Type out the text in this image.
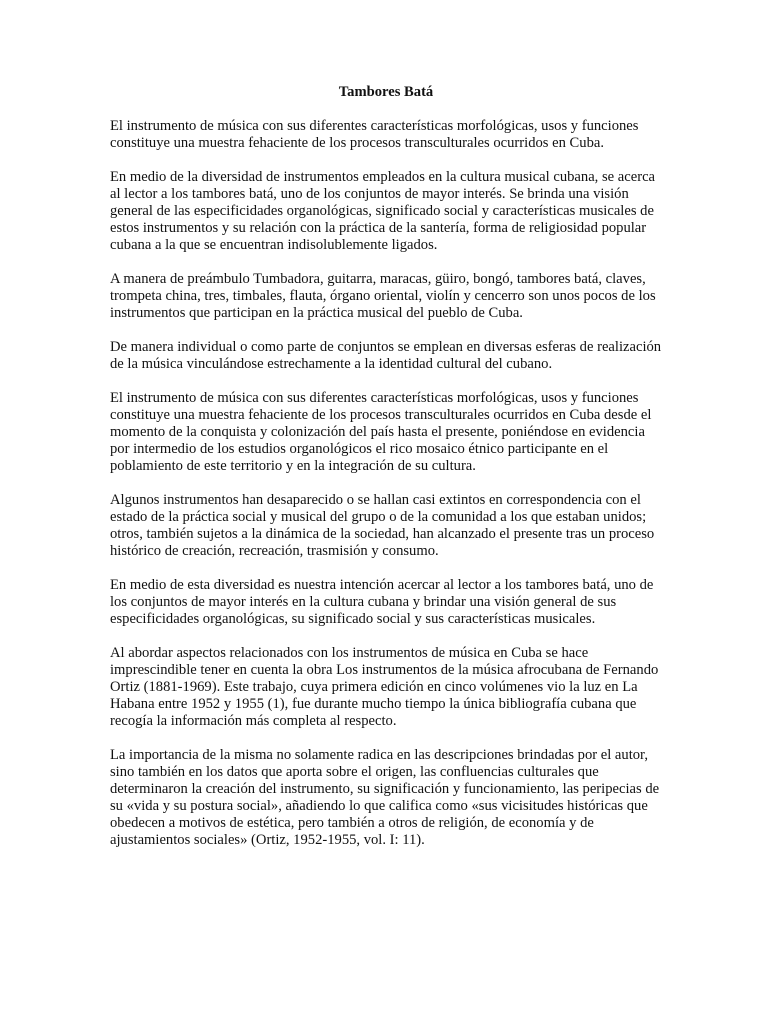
Tambores Batá

El instrumento de música con sus diferentes características morfológicas, usos y funciones constituye una muestra fehaciente de los procesos transculturales ocurridos en Cuba.

En medio de la diversidad de instrumentos empleados en la cultura musical cubana, se acerca al lector a los tambores batá, uno de los conjuntos de mayor interés. Se brinda una visión general de las especificidades organológicas, significado social y características musicales de estos instrumentos y su relación con la práctica de la santería, forma de religiosidad popular cubana a la que se encuentran indisolublemente ligados.

A manera de preámbulo Tumbadora, guitarra, maracas, güiro, bongó, tambores batá, claves, trompeta china, tres, timbales, flauta, órgano oriental, violín y cencerro son unos pocos de los instrumentos que participan en la práctica musical del pueblo de Cuba.

De manera individual o como parte de conjuntos se emplean en diversas esferas de realización de la música vinculándose estrechamente a la identidad cultural del cubano.

El instrumento de música con sus diferentes características morfológicas, usos y funciones constituye una muestra fehaciente de los procesos transculturales ocurridos en Cuba desde el momento de la conquista y colonización del país hasta el presente, poniéndose en evidencia por intermedio de los estudios organológicos el rico mosaico étnico participante en el poblamiento de este territorio y en la integración de su cultura.

Algunos instrumentos han desaparecido o se hallan casi extintos en correspondencia con el estado de la práctica social y musical del grupo o de la comunidad a los que estaban unidos; otros, también sujetos a la dinámica de la sociedad, han alcanzado el presente tras un proceso histórico de creación, recreación, trasmisión y consumo.

En medio de esta diversidad es nuestra intención acercar al lector a los tambores batá, uno de los conjuntos de mayor interés en la cultura cubana y brindar una visión general de sus especificidades organológicas, su significado social y sus características musicales.

Al abordar aspectos relacionados con los instrumentos de música en Cuba se hace imprescindible tener en cuenta la obra Los instrumentos de la música afrocubana de Fernando Ortiz (1881-1969). Este trabajo, cuya primera edición en cinco volúmenes vio la luz en La Habana entre 1952 y 1955 (1), fue durante mucho tiempo la única bibliografía cubana que recogía la información más completa al respecto.

La importancia de la misma no solamente radica en las descripciones brindadas por el autor, sino también en los datos que aporta sobre el origen, las confluencias culturales que determinaron la creación del instrumento, su significación y funcionamiento, las peripecias de su «vida y su postura social», añadiendo lo que califica como «sus vicisitudes históricas que obedecen a motivos de estética, pero también a otros de religión, de economía y de ajustamientos sociales» (Ortiz, 1952-1955, vol. I: 11).
